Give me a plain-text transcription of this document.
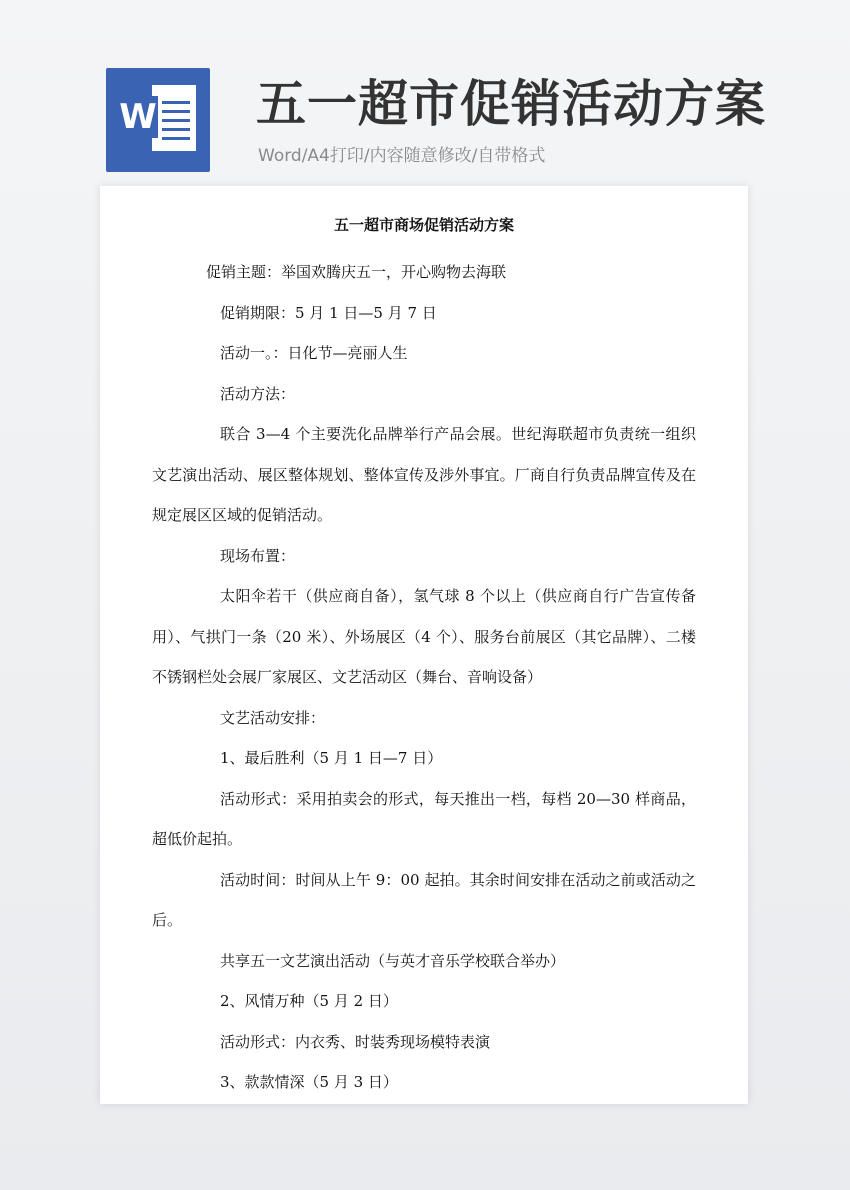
W 五一超市促销活动方案
Word/A4打印/内容随意修改/自带格式
五一超市商场促销活动方案

促销主题：举国欢腾庆五一，开心购物去海联

促销期限：5 月 1 日—5 月 7 日

活动一。：日化节—亮丽人生

活动方法：

联合 3—4 个主要洗化品牌举行产品会展。世纪海联超市负责统一组织文艺演出活动、展区整体规划、整体宣传及涉外事宜。厂商自行负责品牌宣传及在规定展区区域的促销活动。

现场布置：

太阳伞若干（供应商自备），氢气球 8 个以上（供应商自行广告宣传备用）、气拱门一条（20 米）、外场展区（4 个）、服务台前展区（其它品牌）、二楼不锈钢栏处会展厂家展区、文艺活动区（舞台、音响设备）

文艺活动安排：

1、最后胜利（5 月 1 日—7 日）

活动形式：采用拍卖会的形式，每天推出一档，每档 20—30 样商品，超低价起拍。

活动时间：时间从上午 9：00 起拍。其余时间安排在活动之前或活动之后。

共享五一文艺演出活动（与英才音乐学校联合举办）

2、风情万种（5 月 2 日）

活动形式：内衣秀、时装秀现场模特表演

3、款款情深（5 月 3 日）
